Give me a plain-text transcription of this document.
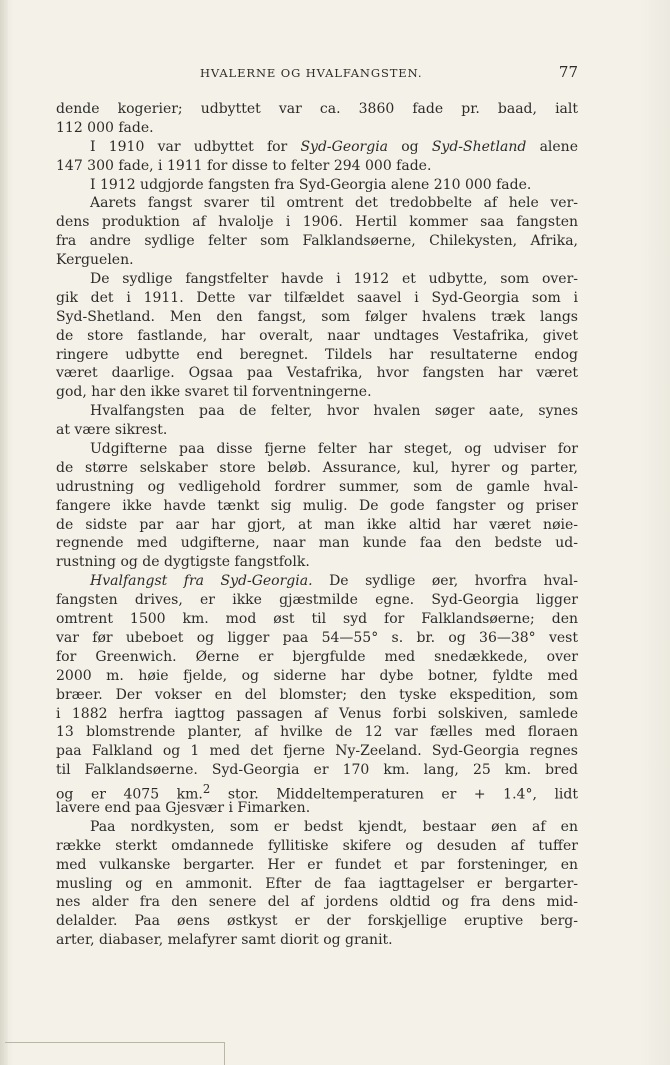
HVALERNE OG HVALFANGSTEN.	77
dende kogerier; udbyttet var ca. 3860 fade pr. baad, ialt
112 000 fade.
I 1910 var udbyttet for Syd-Georgia og Syd-Shetland alene
147 300 fade, i 1911 for disse to felter 294 000 fade.
I 1912 udgjorde fangsten fra Syd-Georgia alene 210 000 fade.
Aarets fangst svarer til omtrent det tredobbelte af hele ver-
dens produktion af hvalolje i 1906. Hertil kommer saa fangsten
fra andre sydlige felter som Falklandsøerne, Chilekysten, Afrika,
Kerguelen.
De sydlige fangstfelter havde i 1912 et udbytte, som over-
gik det i 1911. Dette var tilfældet saavel i Syd-Georgia som i
Syd-Shetland. Men den fangst, som følger hvalens træk langs
de store fastlande, har overalt, naar undtages Vestafrika, givet
ringere udbytte end beregnet. Tildels har resultaterne endog
været daarlige. Ogsaa paa Vestafrika, hvor fangsten har været
god, har den ikke svaret til forventningerne.
Hvalfangsten paa de felter, hvor hvalen søger aate, synes
at være sikrest.
Udgifterne paa disse fjerne felter har steget, og udviser for
de større selskaber store beløb. Assurance, kul, hyrer og parter,
udrustning og vedligehold fordrer summer, som de gamle hval-
fangere ikke havde tænkt sig mulig. De gode fangster og priser
de sidste par aar har gjort, at man ikke altid har været nøie-
regnende med udgifterne, naar man kunde faa den bedste ud-
rustning og de dygtigste fangstfolk.
Hvalfangst fra Syd-Georgia. De sydlige øer, hvorfra hval-
fangsten drives, er ikke gjæstmilde egne. Syd-Georgia ligger
omtrent 1500 km. mod øst til syd for Falklandsøerne; den
var før ubeboet og ligger paa 54—55° s. br. og 36—38° vest
for Greenwich. Øerne er bjergfulde med snedækkede, over
2000 m. høie fjelde, og siderne har dybe botner, fyldte med
bræer. Der vokser en del blomster; den tyske ekspedition, som
i 1882 herfra iagttog passagen af Venus forbi solskiven, samlede
13 blomstrende planter, af hvilke de 12 var fælles med floraen
paa Falkland og 1 med det fjerne Ny-Zeeland. Syd-Georgia regnes
til Falklandsøerne. Syd-Georgia er 170 km. lang, 25 km. bred
og er 4075 km.$^2$ stor. Middeltemperaturen er + 1.4°, lidt
lavere end paa Gjesvær i Fimarken.
Paa nordkysten, som er bedst kjendt, bestaar øen af en
række sterkt omdannede fyllitiske skifere og desuden af tuffer
med vulkanske bergarter. Her er fundet et par forsteninger, en
musling og en ammonit. Efter de faa iagttagelser er bergarter-
nes alder fra den senere del af jordens oldtid og fra dens mid-
delalder. Paa øens østkyst er der forskjellige eruptive berg-
arter, diabaser, melafyrer samt diorit og granit.
